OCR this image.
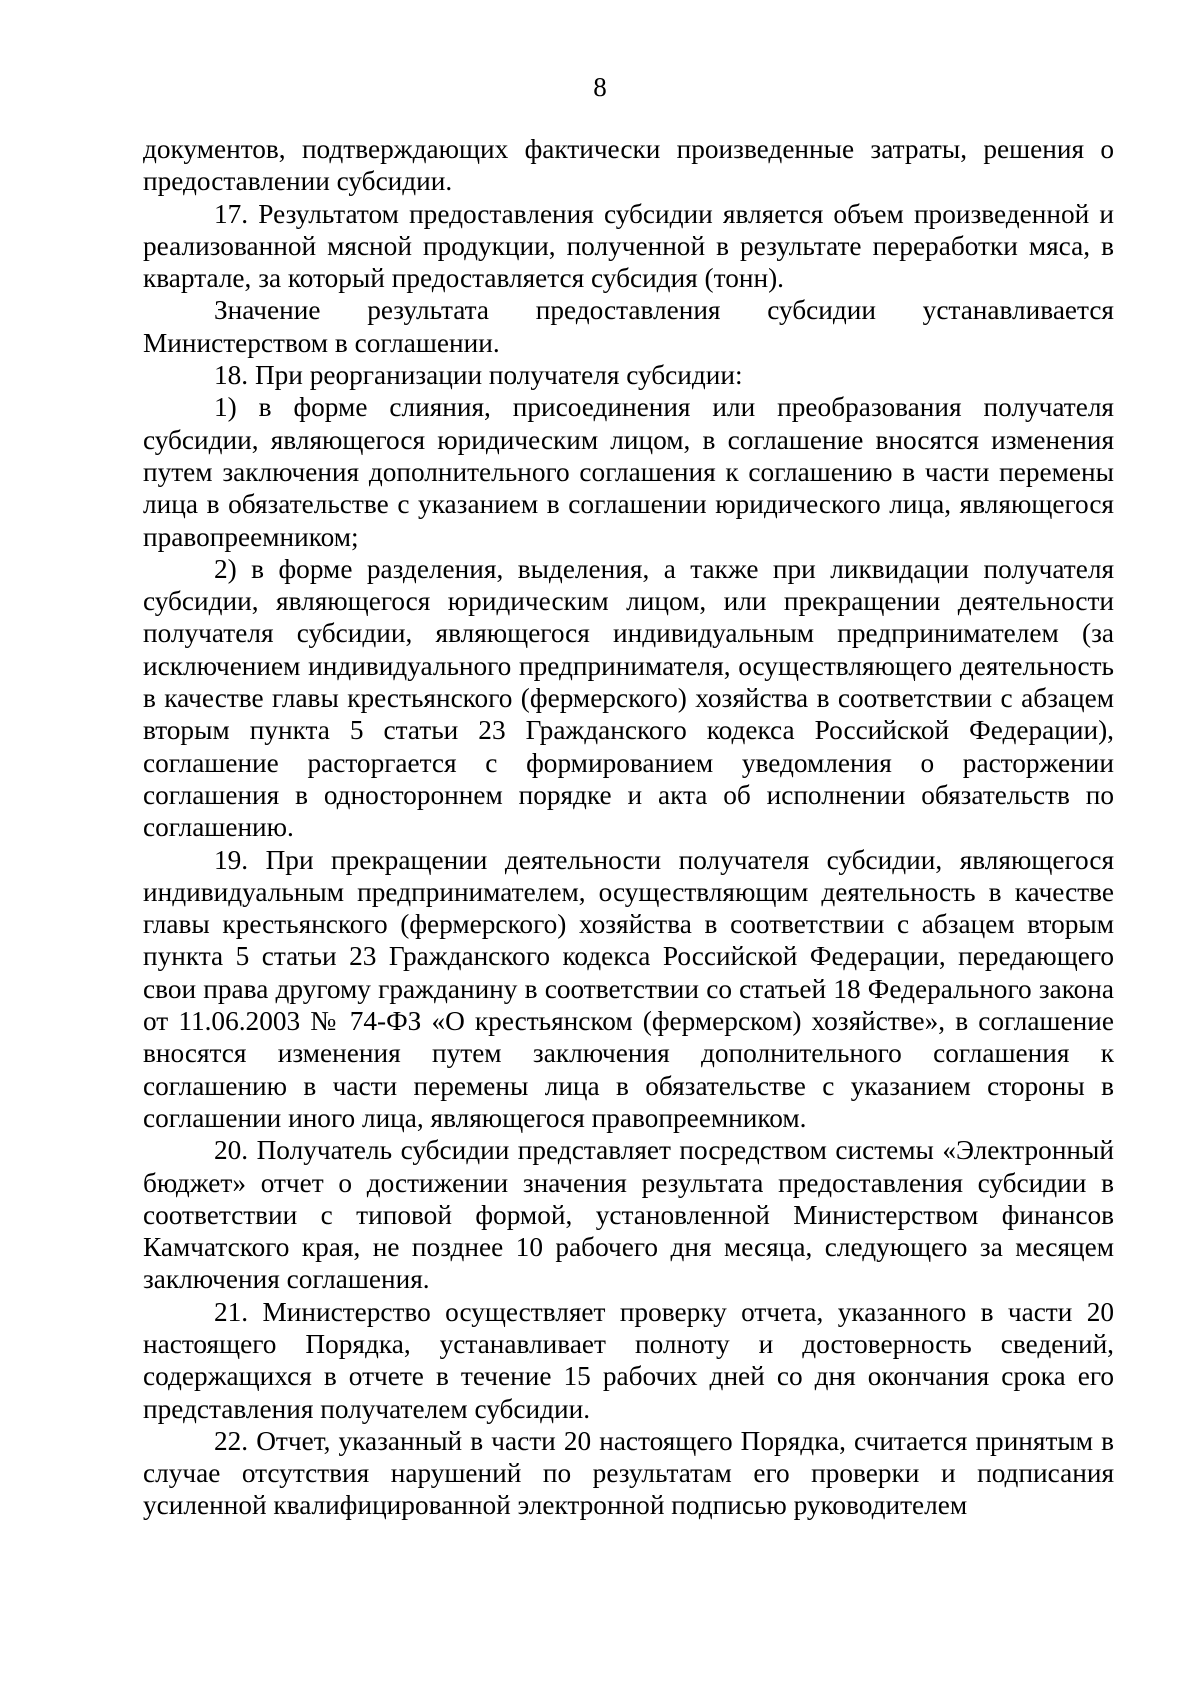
8

документов, подтверждающих фактически произведенные затраты, решения о предоставлении субсидии.

17. Результатом предоставления субсидии является объем произведенной и реализованной мясной продукции, полученной в результате переработки мяса, в квартале, за который предоставляется субсидия (тонн).

Значение результата предоставления субсидии устанавливается Министерством в соглашении.

18. При реорганизации получателя субсидии:

1) в форме слияния, присоединения или преобразования получателя субсидии, являющегося юридическим лицом, в соглашение вносятся изменения путем заключения дополнительного соглашения к соглашению в части перемены лица в обязательстве с указанием в соглашении юридического лица, являющегося правопреемником;

2) в форме разделения, выделения, а также при ликвидации получателя субсидии, являющегося юридическим лицом, или прекращении деятельности получателя субсидии, являющегося индивидуальным предпринимателем (за исключением индивидуального предпринимателя, осуществляющего деятельность в качестве главы крестьянского (фермерского) хозяйства в соответствии с абзацем вторым пункта 5 статьи 23 Гражданского кодекса Российской Федерации), соглашение расторгается с формированием уведомления о расторжении соглашения в одностороннем порядке и акта об исполнении обязательств по соглашению.

19. При прекращении деятельности получателя субсидии, являющегося индивидуальным предпринимателем, осуществляющим деятельность в качестве главы крестьянского (фермерского) хозяйства в соответствии с абзацем вторым пункта 5 статьи 23 Гражданского кодекса Российской Федерации, передающего свои права другому гражданину в соответствии со статьей 18 Федерального закона от 11.06.2003 № 74-ФЗ «О крестьянском (фермерском) хозяйстве», в соглашение вносятся изменения путем заключения дополнительного соглашения к соглашению в части перемены лица в обязательстве с указанием стороны в соглашении иного лица, являющегося правопреемником.

20. Получатель субсидии представляет посредством системы «Электронный бюджет» отчет о достижении значения результата предоставления субсидии в соответствии с типовой формой, установленной Министерством финансов Камчатского края, не позднее 10 рабочего дня месяца, следующего за месяцем заключения соглашения.

21. Министерство осуществляет проверку отчета, указанного в части 20 настоящего Порядка, устанавливает полноту и достоверность сведений, содержащихся в отчете в течение 15 рабочих дней со дня окончания срока его представления получателем субсидии.

22. Отчет, указанный в части 20 настоящего Порядка, считается принятым в случае отсутствия нарушений по результатам его проверки и подписания усиленной квалифицированной электронной подписью руководителем
